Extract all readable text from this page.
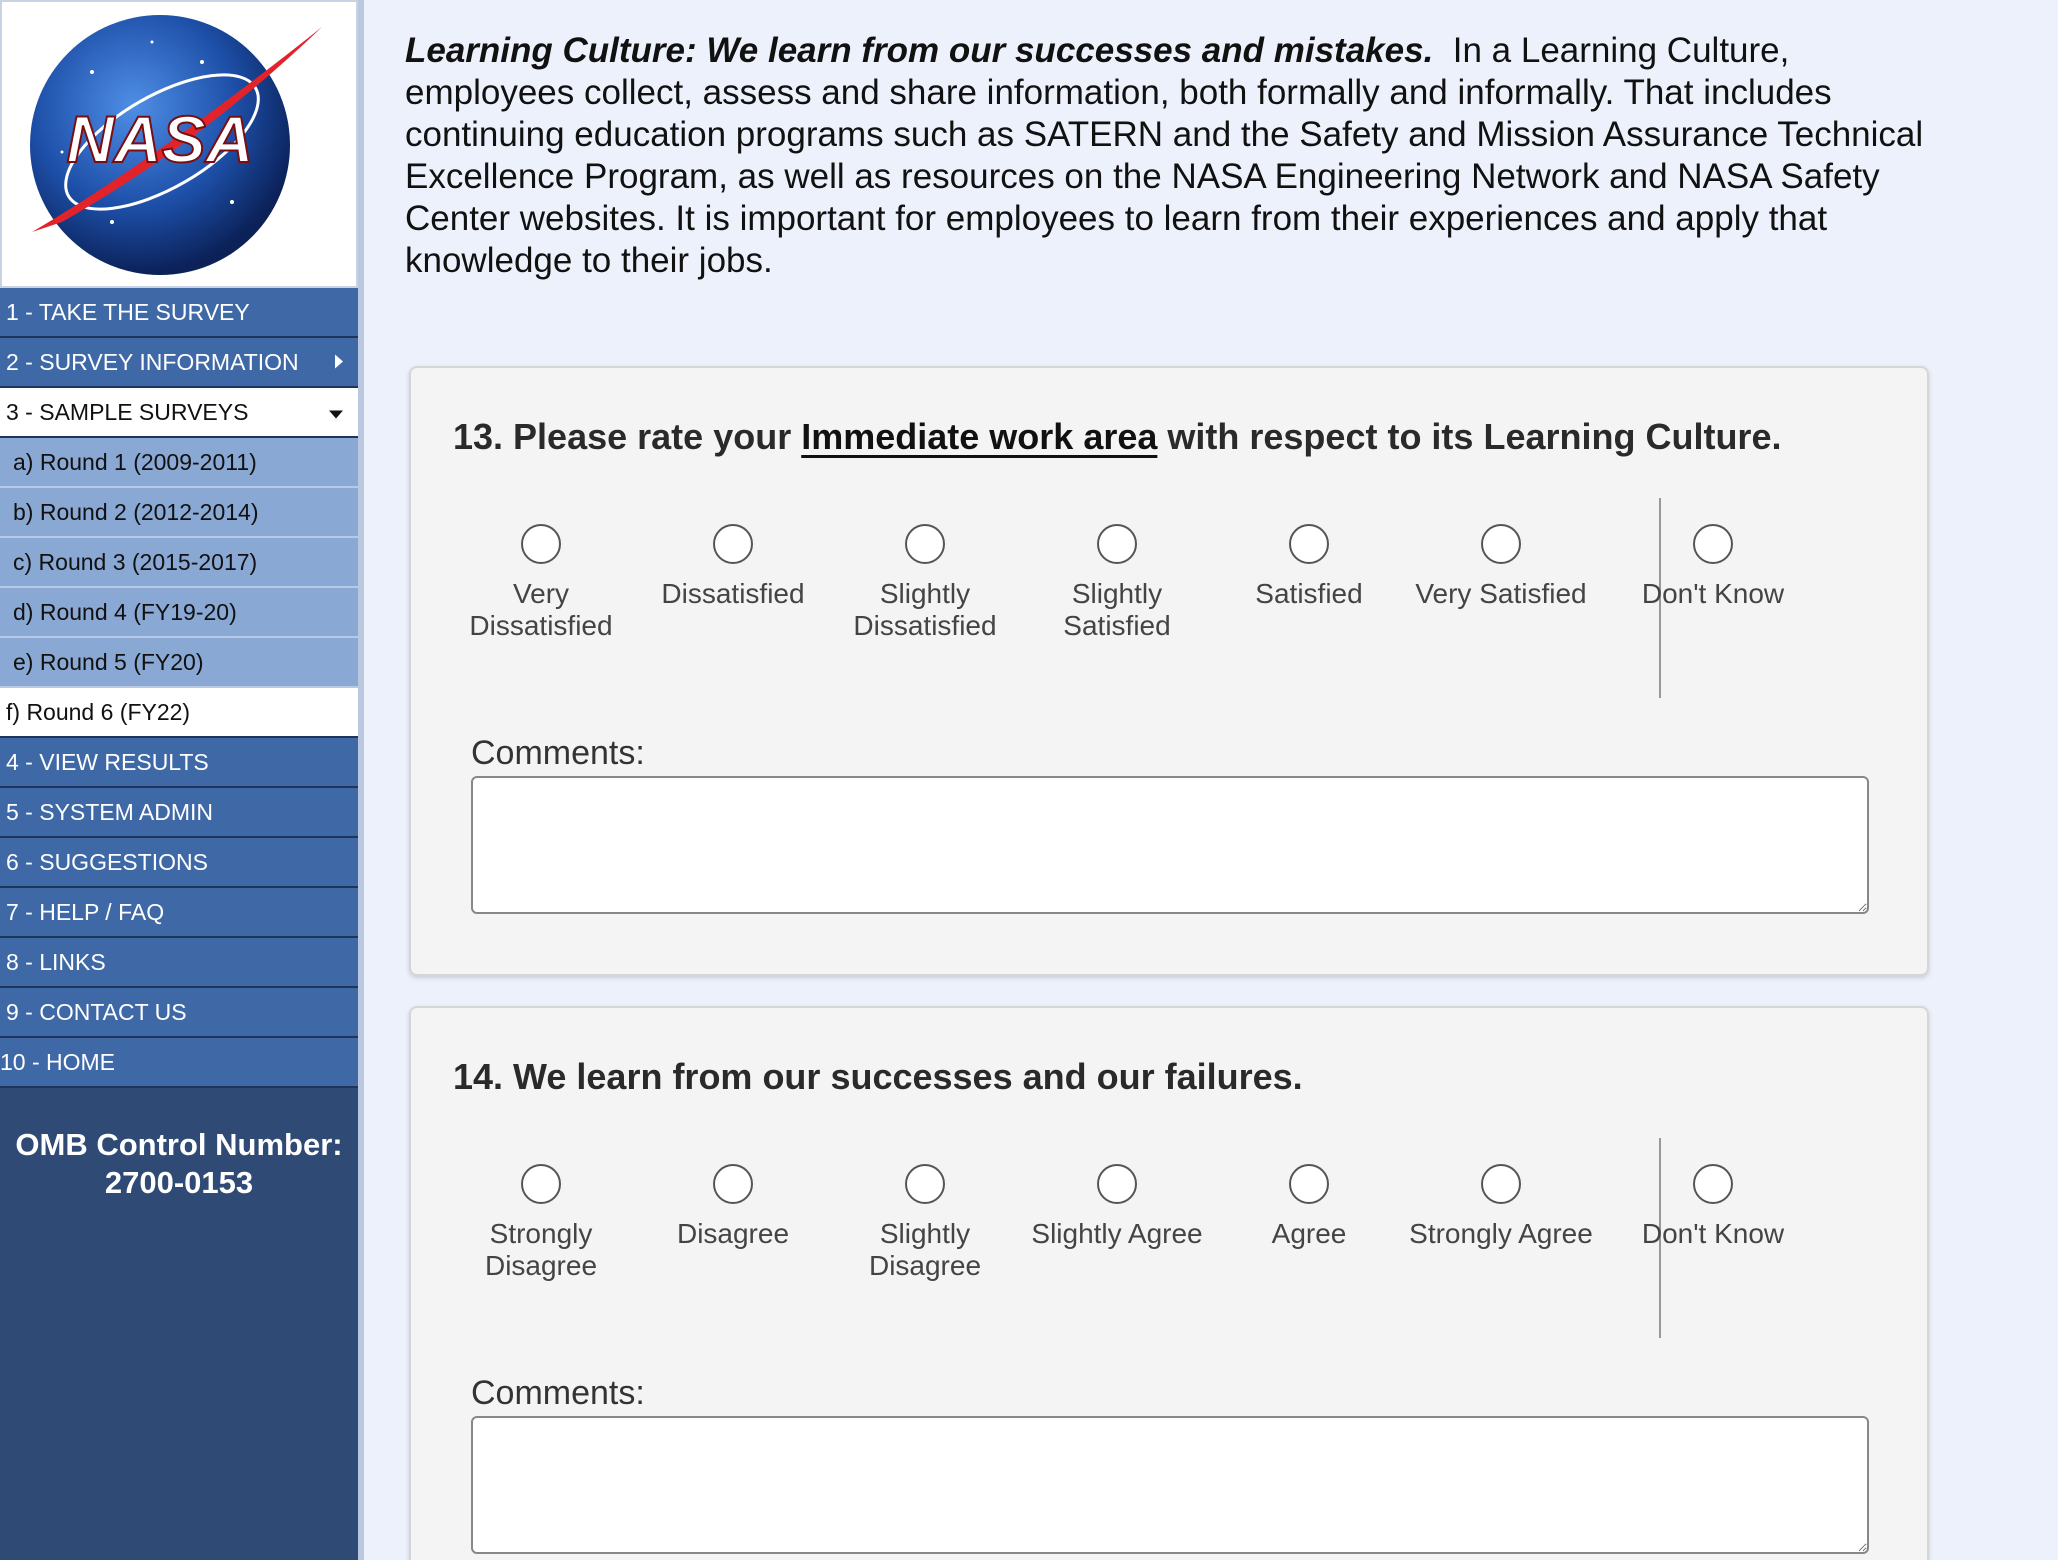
NASA
1 - TAKE THE SURVEY
2 - SURVEY INFORMATION
3 - SAMPLE SURVEYS
a) Round 1 (2009-2011)
b) Round 2 (2012-2014)
c) Round 3 (2015-2017)
d) Round 4 (FY19-20)
e) Round 5 (FY20)
f) Round 6 (FY22)
4 - VIEW RESULTS
5 - SYSTEM ADMIN
6 - SUGGESTIONS
7 - HELP / FAQ
8 - LINKS
9 - CONTACT US
10 - HOME
OMB Control Number:
2700-0153
Learning Culture: We learn from our successes and mistakes. In a Learning Culture, employees collect, assess and share information, both formally and informally. That includes continuing education programs such as SATERN and the Safety and Mission Assurance Technical Excellence Program, as well as resources on the NASA Engineering Network and NASA Safety Center websites. It is important for employees to learn from their experiences and apply that knowledge to their jobs.
13. Please rate your Immediate work area with respect to its Learning Culture.
Very Dissatisfied
Dissatisfied	Slightly Dissatisfied
Slightly Satisfied
Satisfied	Very Satisfied	Don't Know
Comments:
14. We learn from our successes and our failures.
Strongly Disagree
Disagree	Slightly Disagree
Slightly Agree	Agree	Strongly Agree	Don't Know
Comments:
